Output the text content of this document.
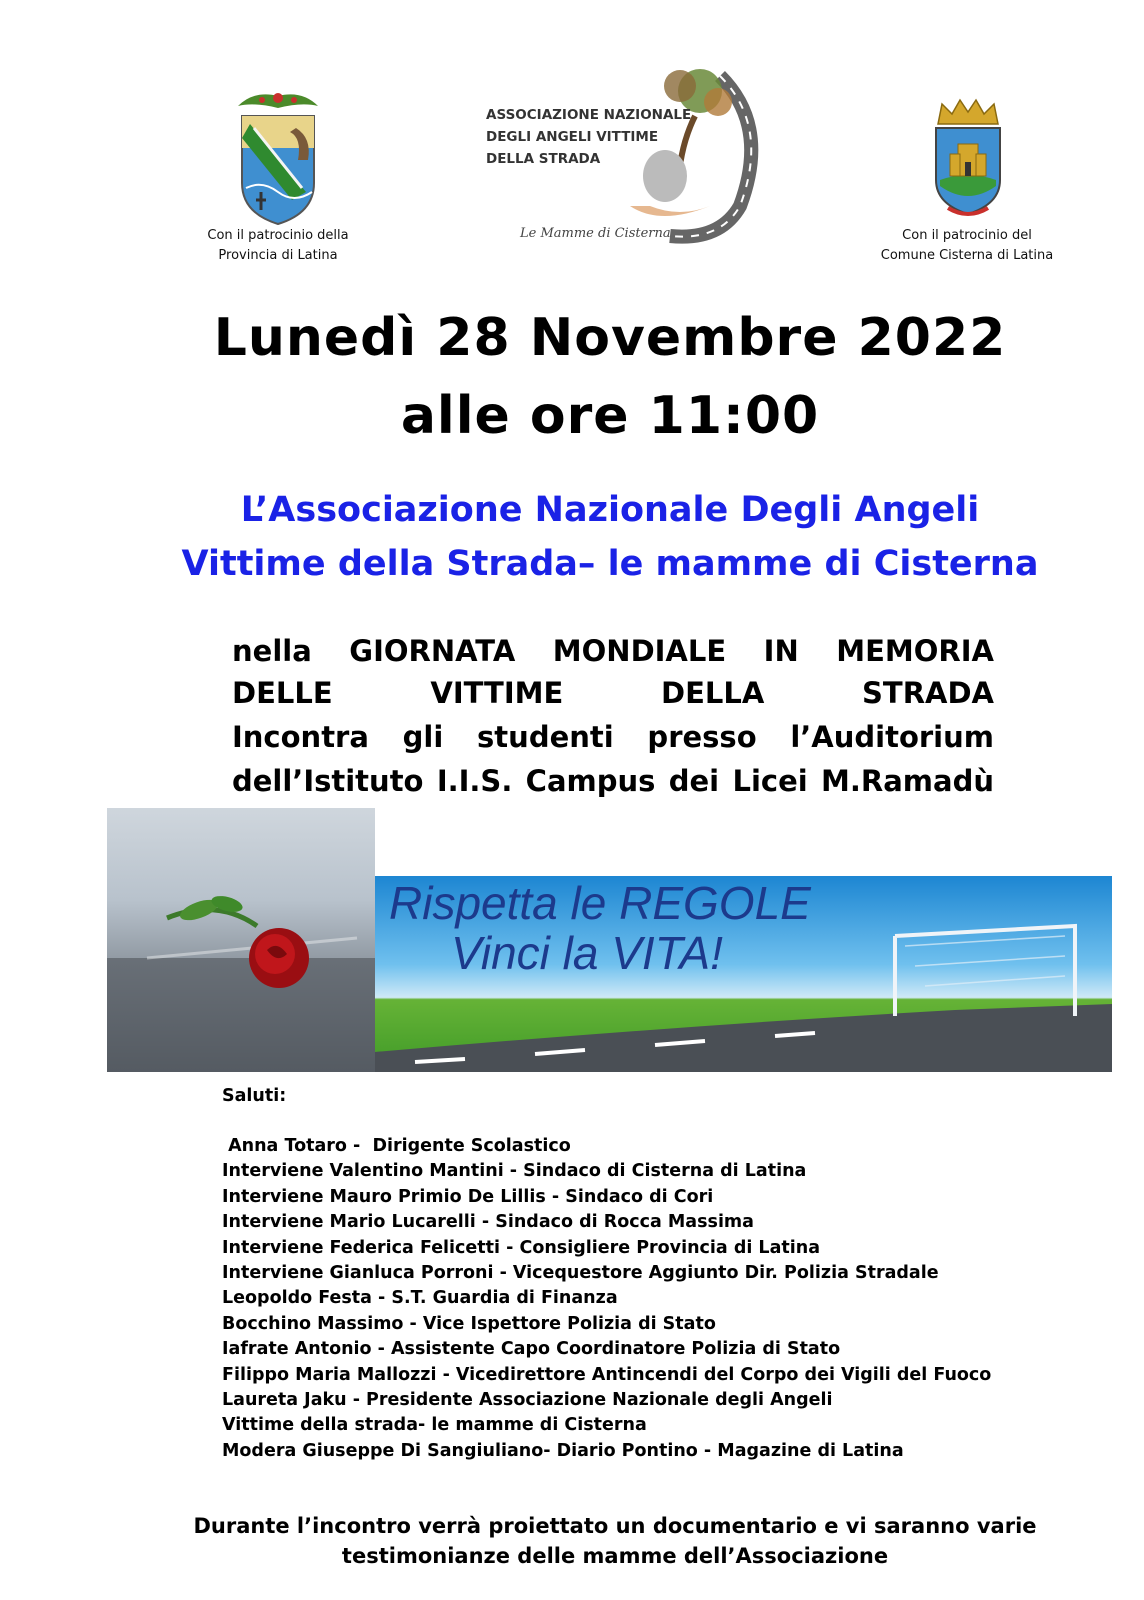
Con il patrocinio della
Provincia di Latina
ASSOCIAZIONE NAZIONALE
DEGLI ANGELI VITTIME
DELLA STRADA
Le Mamme di Cisterna	Con il patrocinio del
Comune Cisterna di Latina
Lunedì 28 Novembre 2022
alle ore 11:00
L’Associazione Nazionale Degli Angeli
Vittime della Strada– le mamme di Cisterna
nella GIORNATA MONDIALE IN MEMORIA
DELLE VITTIME DELLA STRADA
Incontra gli studenti presso l’Auditorium
dell’Istituto I.I.S. Campus dei Licei M.Ramadù
Rispetta le REGOLE
Vinci la VITA!
Saluti:
Anna Totaro -  Dirigente Scolastico
Interviene Valentino Mantini - Sindaco di Cisterna di Latina
Interviene Mauro Primio De Lillis - Sindaco di Cori
Interviene Mario Lucarelli - Sindaco di Rocca Massima
Interviene Federica Felicetti - Consigliere Provincia di Latina
Interviene Gianluca Porroni - Vicequestore Aggiunto Dir. Polizia Stradale
Leopoldo Festa - S.T. Guardia di Finanza
Bocchino Massimo - Vice Ispettore Polizia di Stato
Iafrate Antonio - Assistente Capo Coordinatore Polizia di Stato
Filippo Maria Mallozzi - Vicedirettore Antincendi del Corpo dei Vigili del Fuoco
Laureta Jaku - Presidente Associazione Nazionale degli Angeli
Vittime della strada- le mamme di Cisterna
Modera Giuseppe Di Sangiuliano- Diario Pontino - Magazine di Latina
Durante l’incontro verrà proiettato un documentario e vi saranno varie
testimonianze delle mamme dell’Associazione
